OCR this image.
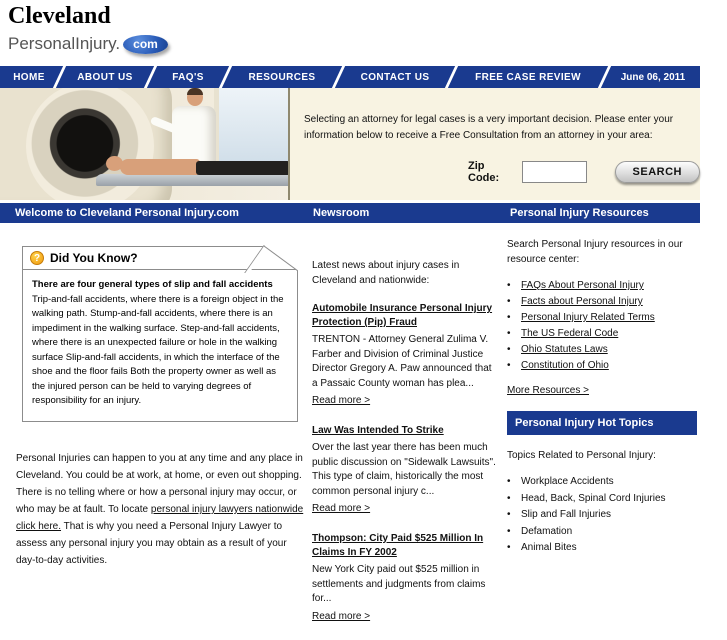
Cleveland
PersonalInjury.	com
HOME	ABOUT US	FAQ'S	RESOURCES	CONTACT US	FREE CASE REVIEW	June 06, 2011
Selecting an attorney for legal cases is a very important decision. Please enter your information below to receive a Free Consultation from an attorney in your area:
Zip Code:	SEARCH
Welcome to Cleveland Personal Injury.com	Newsroom	Personal Injury Resources
? Did You Know?
There are four general types of slip and fall accidents Trip-and-fall accidents, where there is a foreign object in the walking path. Stump-and-fall accidents, where there is an impediment in the walking surface. Step-and-fall accidents, where there is an unexpected failure or hole in the walking surface Slip-and-fall accidents, in which the interface of the shoe and the floor fails Both the property owner as well as the injured person can be held to varying degrees of responsibility for an injury.
Personal Injuries can happen to you at any time and any place in Cleveland. You could be at work, at home, or even out shopping. There is no telling where or how a personal injury may occur, or who may be at fault. To locate personal injury lawyers nationwide click here. That is why you need a Personal Injury Lawyer to assess any personal injury you may obtain as a result of your day-to-day activities.
Latest news about injury cases in Cleveland and nationwide:
Automobile Insurance Personal Injury Protection (Pip) Fraud
TRENTON - Attorney General Zulima V. Farber and Division of Criminal Justice Director Gregory A. Paw announced that a Passaic County woman has plea...
Read more >
Law Was Intended To Strike
Over the last year there has been much public discussion on "Sidewalk Lawsuits". This type of claim, historically the most common personal injury c...
Read more >
Thompson: City Paid $525 Million In Claims In FY 2002
New York City paid out $525 million in settlements and judgments from claims for...
Read more >
Search Personal Injury resources in our resource center:
•	FAQs About Personal Injury
•	Facts about Personal Injury
•	Personal Injury Related Terms
•	The US Federal Code
•	Ohio Statutes Laws
•	Constitution of Ohio
More Resources >
Personal Injury Hot Topics
Topics Related to Personal Injury:
•	Workplace Accidents
•	Head, Back, Spinal Cord Injuries
•	Slip and Fall Injuries
•	Defamation
•	Animal Bites
